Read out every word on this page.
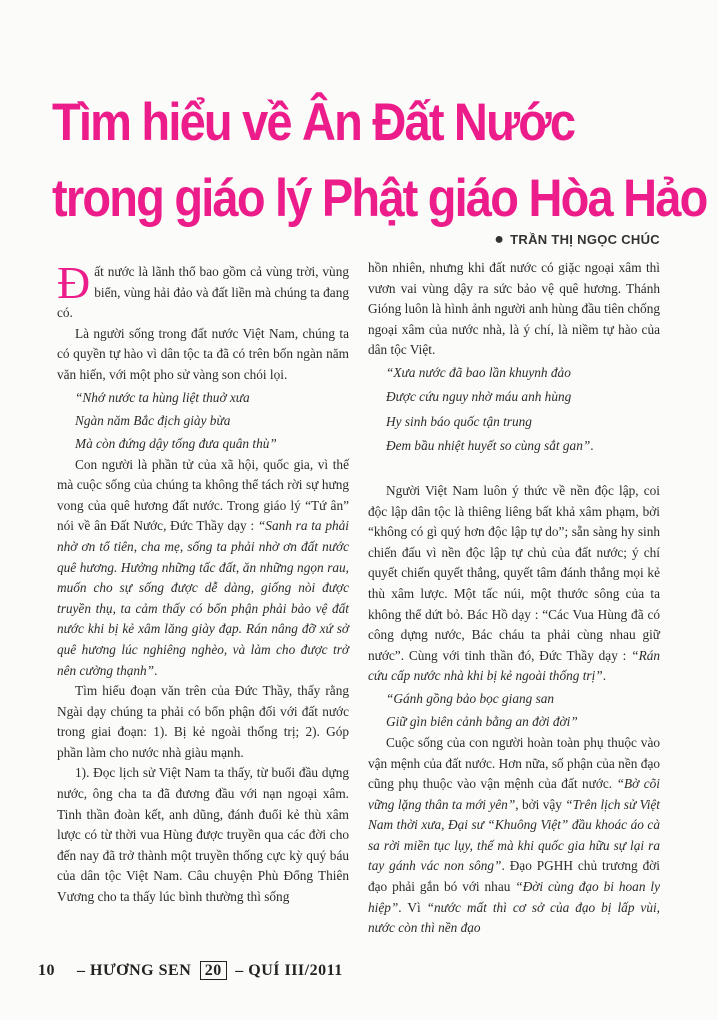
Tìm hiểu về Ân Đất Nước
trong giáo lý Phật giáo Hòa Hảo
● TRẦN THỊ NGỌC CHÚC

Đất nước là lãnh thổ bao gồm cả vùng trời, vùng biển, vùng hải đảo và đất liền mà chúng ta đang có.

Là người sống trong đất nước Việt Nam, chúng ta có quyền tự hào vì dân tộc ta đã có trên bốn ngàn năm văn hiến, với một pho sử vàng son chói lọi.

“Nhớ nước ta hùng liệt thuở xưa
Ngàn năm Bắc địch giày bừa
Mà còn đứng dậy tống đưa quân thù”

Con người là phần tử của xã hội, quốc gia, vì thế mà cuộc sống của chúng ta không thể tách rời sự hưng vong của quê hương đất nước. Trong giáo lý “Tứ ân” nói về ân Đất Nước, Đức Thầy dạy : “Sanh ra ta phải nhờ ơn tổ tiên, cha mẹ, sống ta phải nhờ ơn đất nước quê hương. Hưởng những tấc đất, ăn những ngọn rau, muốn cho sự sống được dễ dàng, giống nòi được truyền thụ, ta cảm thấy có bổn phận phải bảo vệ đất nước khi bị kẻ xâm lăng giày đạp. Rán nâng đỡ xứ sở quê hương lúc nghiêng nghèo, và làm cho được trở nên cường thạnh”.

Tìm hiểu đoạn văn trên của Đức Thầy, thấy rằng Ngài dạy chúng ta phải có bổn phận đối với đất nước trong giai đoạn: 1). Bị kẻ ngoài thống trị; 2). Góp phần làm cho nước nhà giàu mạnh.

1). Đọc lịch sử Việt Nam ta thấy, từ buổi đầu dựng nước, ông cha ta đã đương đầu với nạn ngoại xâm. Tinh thần đoàn kết, anh dũng, đánh đuổi kẻ thù xâm lược có từ thời vua Hùng được truyền qua các đời cho đến nay đã trở thành một truyền thống cực kỳ quý báu của dân tộc Việt Nam. Câu chuyện Phù Đổng Thiên Vương cho ta thấy lúc bình thường thì sống

hồn nhiên, nhưng khi đất nước có giặc ngoại xâm thì vươn vai vùng dậy ra sức bảo vệ quê hương. Thánh Gióng luôn là hình ảnh người anh hùng đầu tiên chống ngoại xâm của nước nhà, là ý chí, là niềm tự hào của dân tộc Việt.

“Xưa nước đã bao lần khuynh đảo
Được cứu nguy nhờ máu anh hùng
Hy sinh báo quốc tận trung
Đem bầu nhiệt huyết so cùng sắt gan”.

Người Việt Nam luôn ý thức về nền độc lập, coi độc lập dân tộc là thiêng liêng bất khả xâm phạm, bởi “không có gì quý hơn độc lập tự do”; sẵn sàng hy sinh chiến đấu vì nền độc lập tự chủ của đất nước; ý chí quyết chiến quyết thắng, quyết tâm đánh thắng mọi kẻ thù xâm lược. Một tấc núi, một thước sông của ta không thể dứt bỏ. Bác Hồ dạy : “Các Vua Hùng đã có công dựng nước, Bác cháu ta phải cùng nhau giữ nước”. Cùng với tinh thần đó, Đức Thầy dạy : “Rán cứu cấp nước nhà khi bị kẻ ngoài thống trị”.

“Gánh gồng bảo bọc giang san
Giữ gìn biên cảnh bằng an đời đời”

Cuộc sống của con người hoàn toàn phụ thuộc vào vận mệnh của đất nước. Hơn nữa, số phận của nền đạo cũng phụ thuộc vào vận mệnh của đất nước. “Bờ cõi vững lặng thân ta mới yên”, bởi vậy “Trên lịch sử Việt Nam thời xưa, Đại sư “Khuông Việt” đầu khoác áo cà sa rời miền tục lụy, thế mà khi quốc gia hữu sự lại ra tay gánh vác non sông”. Đạo PGHH chủ trương đời đạo phải gắn bó với nhau “Đời cùng đạo bi hoan ly hiệp”. Vì “nước mất thì cơ sở của đạo bị lấp vùi, nước còn thì nền đạo

10 – HƯƠNG SEN 20 – QUÍ III/2011
